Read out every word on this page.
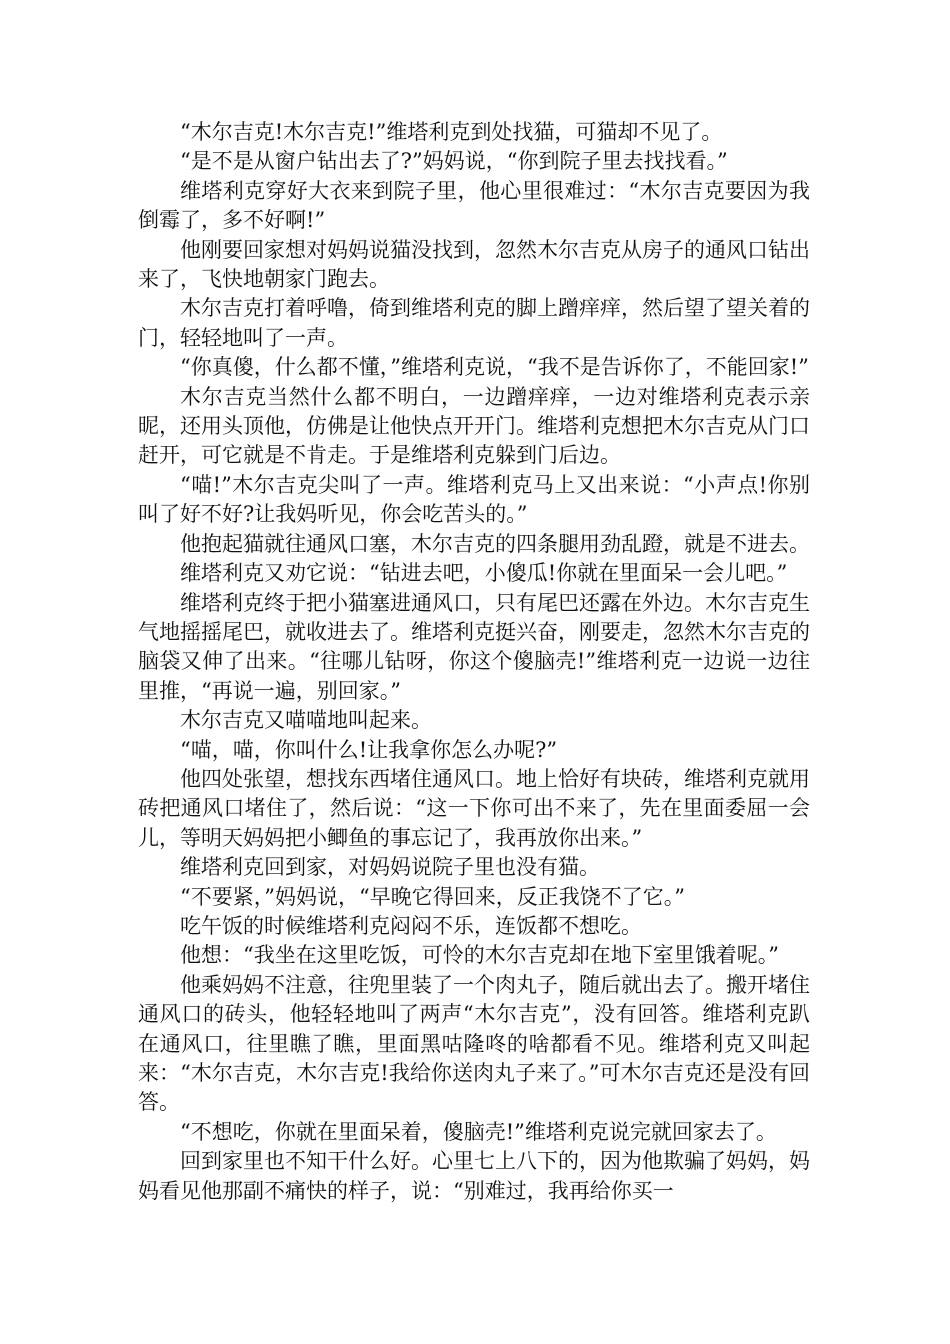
“木尔吉克!木尔吉克!”维塔利克到处找猫，可猫却不见了。

“是不是从窗户钻出去了?”妈妈说，“你到院子里去找找看。”

维塔利克穿好大衣来到院子里，他心里很难过：“木尔吉克要因为我倒霉了，多不好啊!”

他刚要回家想对妈妈说猫没找到，忽然木尔吉克从房子的通风口钻出来了，飞快地朝家门跑去。

木尔吉克打着呼噜，倚到维塔利克的脚上蹭痒痒，然后望了望关着的门，轻轻地叫了一声。

“你真傻，什么都不懂，”维塔利克说，“我不是告诉你了，不能回家!”

木尔吉克当然什么都不明白，一边蹭痒痒，一边对维塔利克表示亲昵，还用头顶他，仿佛是让他快点开开门。维塔利克想把木尔吉克从门口赶开，可它就是不肯走。于是维塔利克躲到门后边。

“喵!”木尔吉克尖叫了一声。维塔利克马上又出来说：“小声点!你别叫了好不好?让我妈听见，你会吃苦头的。”

他抱起猫就往通风口塞，木尔吉克的四条腿用劲乱蹬，就是不进去。

维塔利克又劝它说：“钻进去吧，小傻瓜!你就在里面呆一会儿吧。”

维塔利克终于把小猫塞进通风口，只有尾巴还露在外边。木尔吉克生气地摇摇尾巴，就收进去了。维塔利克挺兴奋，刚要走，忽然木尔吉克的脑袋又伸了出来。“往哪儿钻呀，你这个傻脑壳!”维塔利克一边说一边往里推，“再说一遍，别回家。”

木尔吉克又喵喵地叫起来。

“喵，喵，你叫什么!让我拿你怎么办呢?”

他四处张望，想找东西堵住通风口。地上恰好有块砖，维塔利克就用砖把通风口堵住了，然后说：“这一下你可出不来了，先在里面委屈一会儿，等明天妈妈把小鲫鱼的事忘记了，我再放你出来。”

维塔利克回到家，对妈妈说院子里也没有猫。

“不要紧，”妈妈说，“早晚它得回来，反正我饶不了它。”

吃午饭的时候维塔利克闷闷不乐，连饭都不想吃。

他想：“我坐在这里吃饭，可怜的木尔吉克却在地下室里饿着呢。”

他乘妈妈不注意，往兜里装了一个肉丸子，随后就出去了。搬开堵住通风口的砖头，他轻轻地叫了两声“木尔吉克”，没有回答。维塔利克趴在通风口，往里瞧了瞧，里面黑咕隆咚的啥都看不见。维塔利克又叫起来：“木尔吉克，木尔吉克!我给你送肉丸子来了。”可木尔吉克还是没有回答。

“不想吃，你就在里面呆着，傻脑壳!”维塔利克说完就回家去了。

回到家里也不知干什么好。心里七上八下的，因为他欺骗了妈妈，妈妈看见他那副不痛快的样子，说：“别难过，我再给你买一
